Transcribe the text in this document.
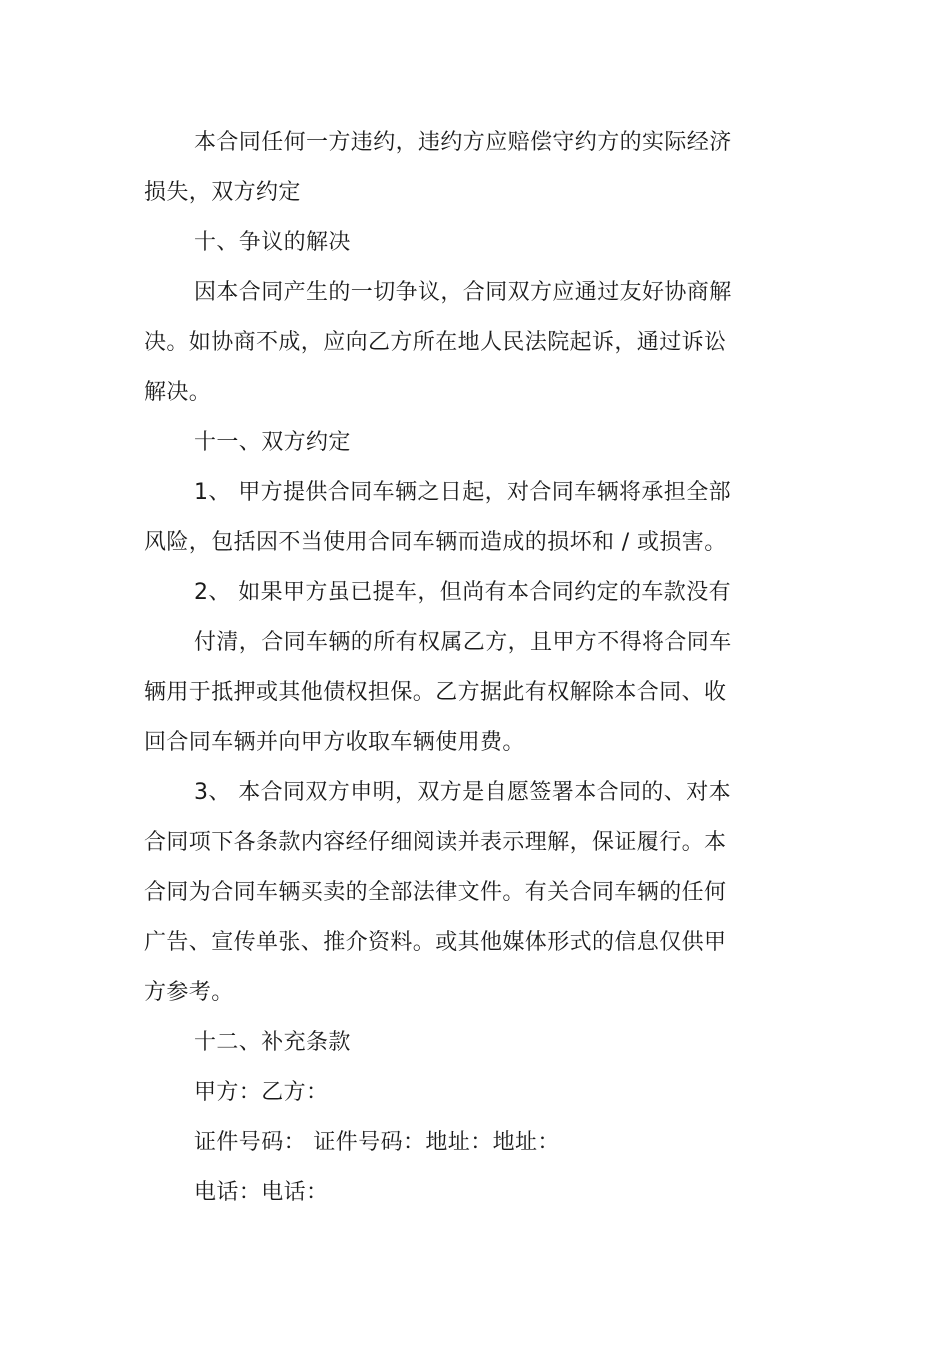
本合同任何一方违约，违约方应赔偿守约方的实际经济
损失，双方约定
十、争议的解决
因本合同产生的一切争议，合同双方应通过友好协商解
决。如协商不成，应向乙方所在地人民法院起诉，通过诉讼
解决。
十一、双方约定
1、 甲方提供合同车辆之日起，对合同车辆将承担全部
风险，包括因不当使用合同车辆而造成的损坏和 / 或损害。
2、 如果甲方虽已提车，但尚有本合同约定的车款没有
付清，合同车辆的所有权属乙方，且甲方不得将合同车
辆用于抵押或其他债权担保。乙方据此有权解除本合同、收
回合同车辆并向甲方收取车辆使用费。
3、 本合同双方申明，双方是自愿签署本合同的、对本
合同项下各条款内容经仔细阅读并表示理解，保证履行。本
合同为合同车辆买卖的全部法律文件。有关合同车辆的任何
广告、宣传单张、推介资料。或其他媒体形式的信息仅供甲
方参考。
十二、补充条款
甲方：乙方：
证件号码： 证件号码：地址：地址：
电话：电话：
